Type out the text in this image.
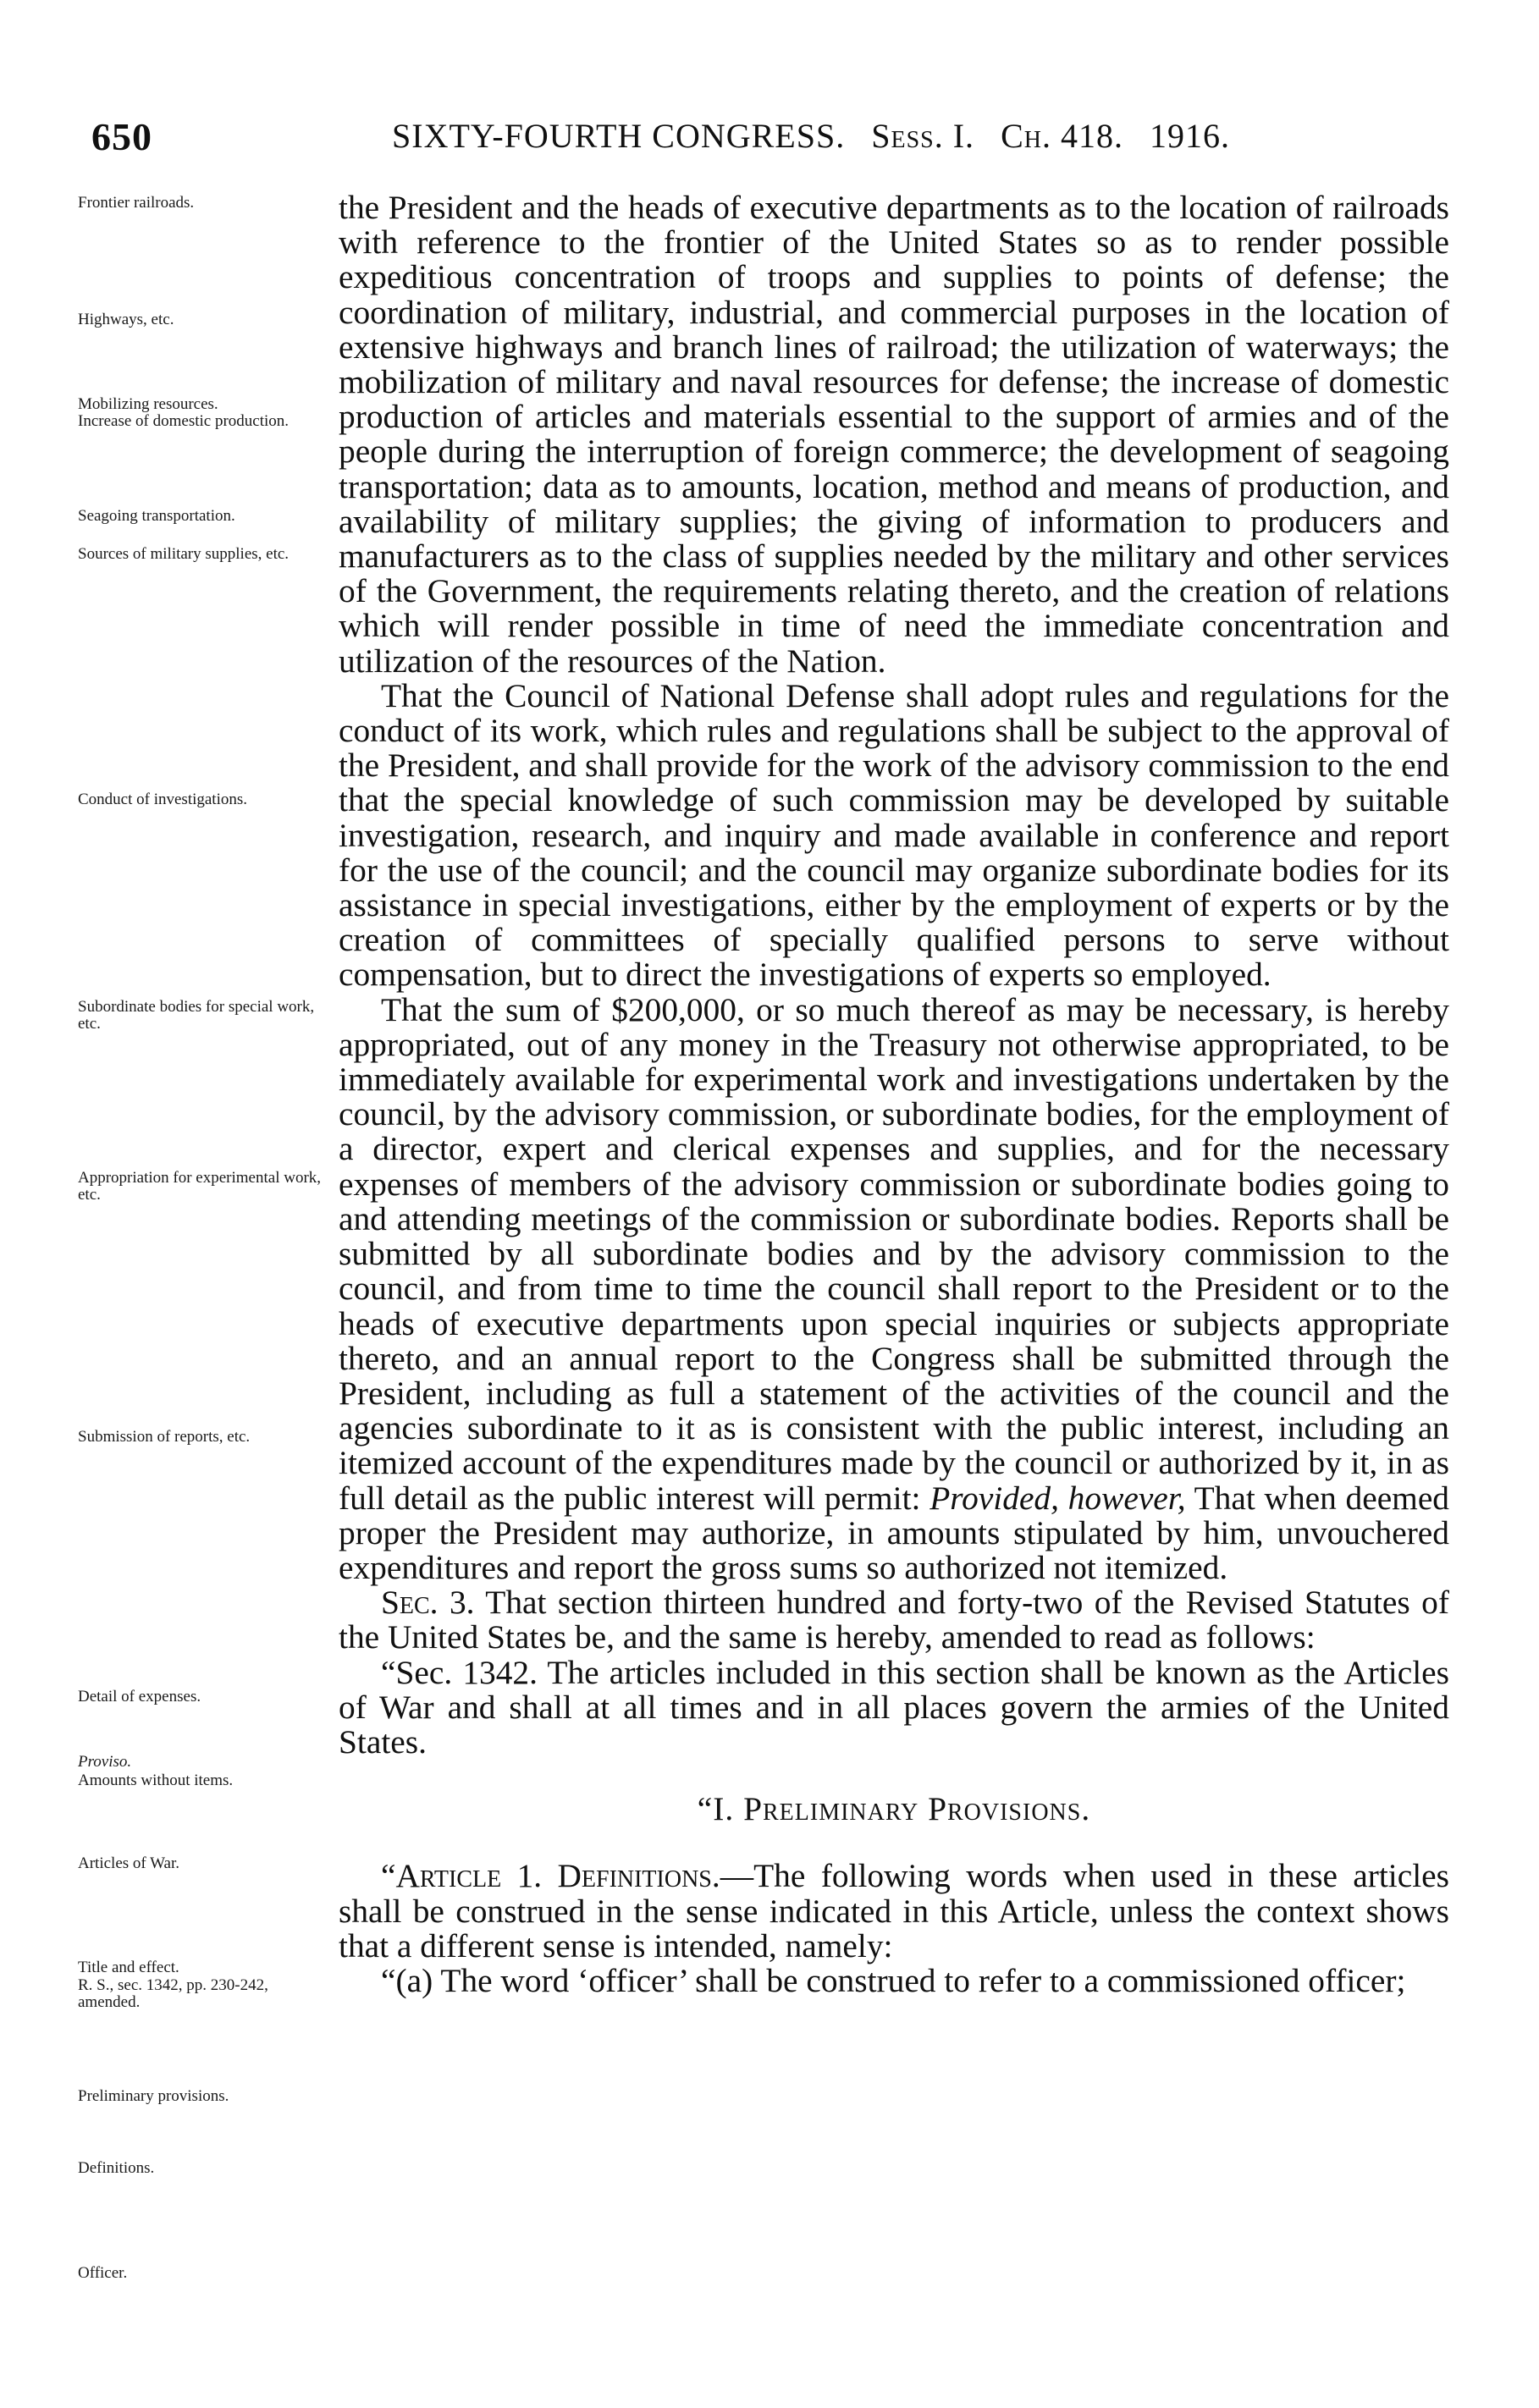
650	SIXTY-FOURTH CONGRESS. Sess. I. Ch. 418. 1916.
Frontier railroads.
Highways, etc.
Mobilizing resources.
Increase of domestic production.
Seagoing transportation.
Sources of military supplies, etc.
Conduct of investigations.
Subordinate bodies for special work, etc.
Appropriation for experimental work, etc.
Submission of reports, etc.
Detail of expenses.
Proviso.
Amounts without items.
Articles of War.
Title and effect.
R. S., sec. 1342, pp. 230-242, amended.
Preliminary provisions.
Definitions.
Officer.

the President and the heads of executive departments as to the location of railroads with reference to the frontier of the United States so as to render possible expeditious concentration of troops and supplies to points of defense; the coordination of military, industrial, and commercial purposes in the location of extensive highways and branch lines of railroad; the utilization of waterways; the mobilization of military and naval resources for defense; the increase of domestic production of articles and materials essential to the support of armies and of the people during the interruption of foreign commerce; the development of seagoing transportation; data as to amounts, location, method and means of production, and availability of military supplies; the giving of information to producers and manufacturers as to the class of supplies needed by the military and other services of the Government, the requirements relating thereto, and the creation of relations which will render possible in time of need the immediate concentration and utilization of the resources of the Nation.

That the Council of National Defense shall adopt rules and regulations for the conduct of its work, which rules and regulations shall be subject to the approval of the President, and shall provide for the work of the advisory commission to the end that the special knowledge of such commission may be developed by suitable investigation, research, and inquiry and made available in conference and report for the use of the council; and the council may organize subordinate bodies for its assistance in special investigations, either by the employment of experts or by the creation of committees of specially qualified persons to serve without compensation, but to direct the investigations of experts so employed.

That the sum of $200,000, or so much thereof as may be necessary, is hereby appropriated, out of any money in the Treasury not otherwise appropriated, to be immediately available for experimental work and investigations undertaken by the council, by the advisory commission, or subordinate bodies, for the employment of a director, expert and clerical expenses and supplies, and for the necessary expenses of members of the advisory commission or subordinate bodies going to and attending meetings of the commission or subordinate bodies. Reports shall be submitted by all subordinate bodies and by the advisory commission to the council, and from time to time the council shall report to the President or to the heads of executive departments upon special inquiries or subjects appropriate thereto, and an annual report to the Congress shall be submitted through the President, including as full a statement of the activities of the council and the agencies subordinate to it as is consistent with the public interest, including an itemized account of the expenditures made by the council or authorized by it, in as full detail as the public interest will permit: Provided, however, That when deemed proper the President may authorize, in amounts stipulated by him, unvouchered expenditures and report the gross sums so authorized not itemized.

Sec. 3. That section thirteen hundred and forty-two of the Revised Statutes of the United States be, and the same is hereby, amended to read as follows:

“Sec. 1342. The articles included in this section shall be known as the Articles of War and shall at all times and in all places govern the armies of the United States.

“I. Preliminary Provisions.

“Article 1. Definitions.—The following words when used in these articles shall be construed in the sense indicated in this Article, unless the context shows that a different sense is intended, namely:

“(a) The word ‘officer’ shall be construed to refer to a commissioned officer;
